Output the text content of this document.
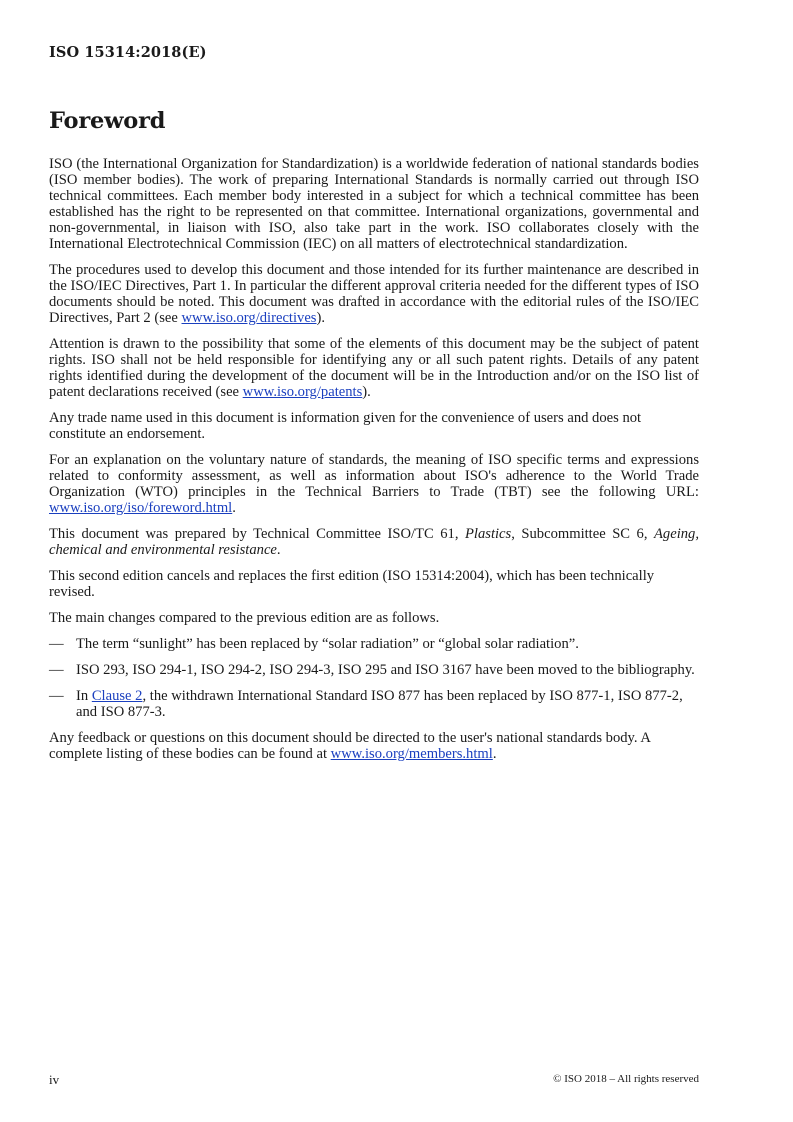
ISO 15314:2018(E)
Foreword

ISO (the International Organization for Standardization) is a worldwide federation of national standards bodies (ISO member bodies). The work of preparing International Standards is normally carried out through ISO technical committees. Each member body interested in a subject for which a technical committee has been established has the right to be represented on that committee. International organizations, governmental and non-governmental, in liaison with ISO, also take part in the work. ISO collaborates closely with the International Electrotechnical Commission (IEC) on all matters of electrotechnical standardization.

The procedures used to develop this document and those intended for its further maintenance are described in the ISO/IEC Directives, Part 1. In particular the different approval criteria needed for the different types of ISO documents should be noted. This document was drafted in accordance with the editorial rules of the ISO/IEC Directives, Part 2 (see www.iso.org/directives).

Attention is drawn to the possibility that some of the elements of this document may be the subject of patent rights. ISO shall not be held responsible for identifying any or all such patent rights. Details of any patent rights identified during the development of the document will be in the Introduction and/or on the ISO list of patent declarations received (see www.iso.org/patents).

Any trade name used in this document is information given for the convenience of users and does not constitute an endorsement.

For an explanation on the voluntary nature of standards, the meaning of ISO specific terms and expressions related to conformity assessment, as well as information about ISO's adherence to the World Trade Organization (WTO) principles in the Technical Barriers to Trade (TBT) see the following URL: www.iso.org/iso/foreword.html.

This document was prepared by Technical Committee ISO/TC 61, Plastics, Subcommittee SC 6, Ageing, chemical and environmental resistance.

This second edition cancels and replaces the first edition (ISO 15314:2004), which has been technically revised.

The main changes compared to the previous edition are as follows.

— The term “sunlight” has been replaced by “solar radiation” or “global solar radiation”.
— ISO 293, ISO 294-1, ISO 294-2, ISO 294-3, ISO 295 and ISO 3167 have been moved to the bibliography.
— In Clause 2, the withdrawn International Standard ISO 877 has been replaced by ISO 877-1, ISO 877-2, and ISO 877-3.

Any feedback or questions on this document should be directed to the user's national standards body. A complete listing of these bodies can be found at www.iso.org/members.html.

iv	© ISO 2018 – All rights reserved
